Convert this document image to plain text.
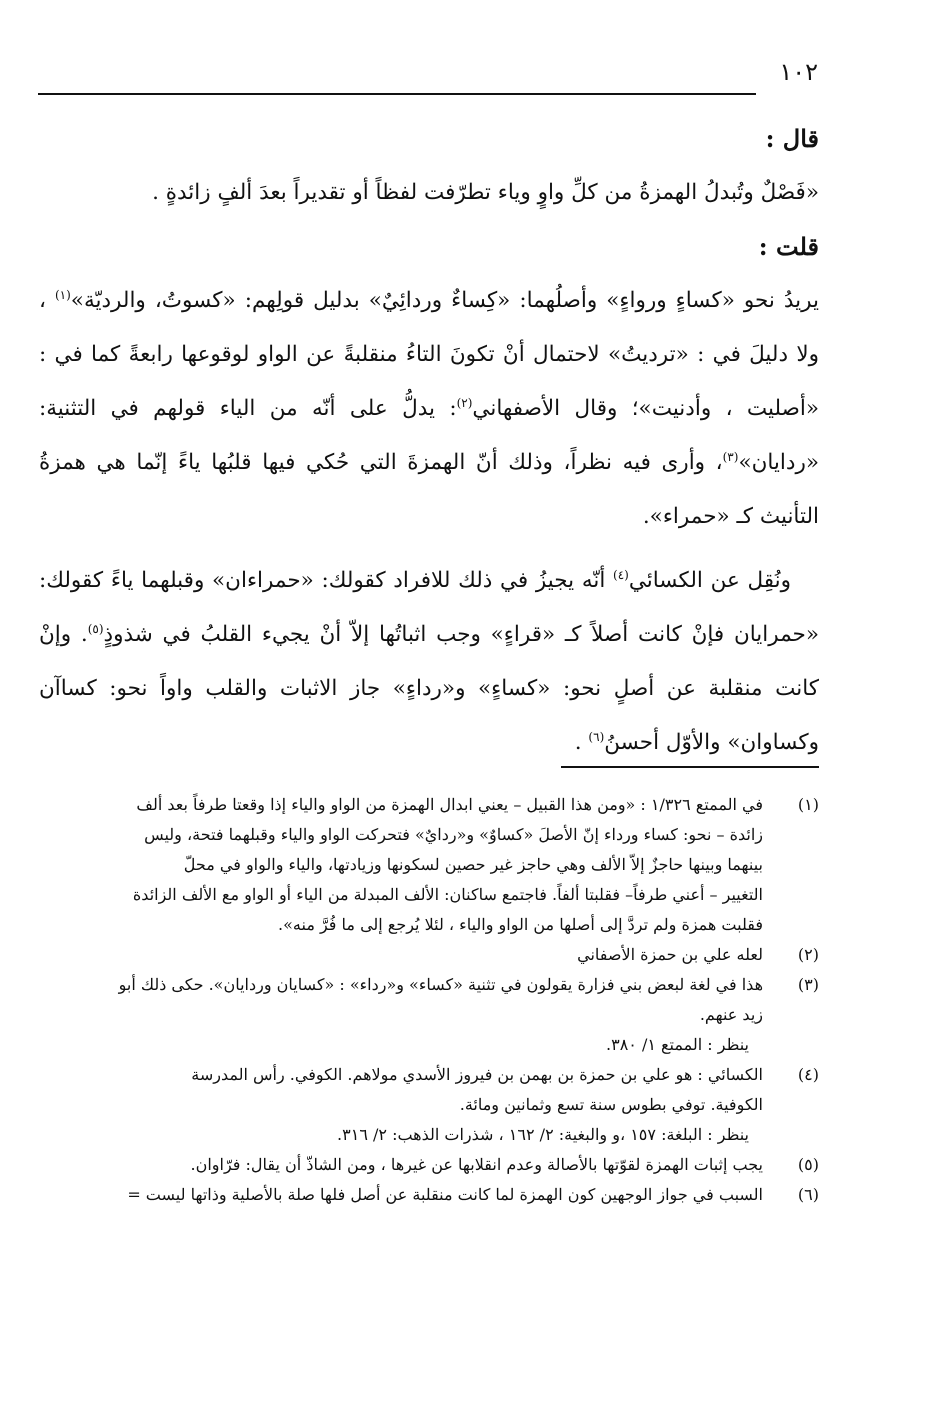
١٠٢

قال :

«فَصْلٌ وتُبدلُ الهمزةُ من كلِّ واوٍ وياء تطرّفت لفظاً أو تقديراً بعدَ ألفٍ زائدةٍ .

قلت :

يريدُ نحو «كساءٍ ورواءٍ» وأصلُهما: «كِساءٌ وردائِيٌ» بدليل قولِهم: «كسوتُ، والرديّة»$^{(١)}$ ، ولا دليلَ في : «ترديتُ» لاحتمال أنْ تكونَ التاءُ منقلبةً عن الواو لوقوعها رابعةً كما في : «أصليت ، وأدنيت»؛ وقال الأصفهاني$^{(٢)}$: يدلُّ على أنّه من الياء قولهم في التثنية: «ردايان»$^{(٣)}$، وأرى فيه نظراً، وذلك أنّ الهمزةَ التي حُكي فيها قلبُها ياءً إنّما هي همزةُ التأنيث كـ «حمراء».

ونُقِل عن الكسائي$^{(٤)}$ أنّه يجيزُ في ذلك للافراد كقولك: «حمراءان» وقبلهما ياءً كقولك: «حمرايان فإنْ كانت أصلاً كـ «قراءٍ» وجب اثباتُها إلاّ أنْ يجيء القلبُ في شذوذٍ$^{(٥)}$. وإنْ كانت منقلبة عن أصلٍ نحو: «كساءٍ» و«رداءٍ» جاز الاثبات والقلب واواً نحو: كساآن وكساوان» والأوّل أحسنُ$^{(٦)}$ .

(١)
في الممتع ١/٣٢٦ : «ومن هذا القبيل – يعني ابدال الهمزة من الواو والياء إذا وقعتا طرفاً بعد ألف
زائدة – نحو: كساء ورداء إنّ الأصلَ «كساوٌ» و«ردايٌ» فتحركت الواو والياء وقبلهما فتحة، وليس
بينهما وبينها حاجزٌ إلاّ الألف وهي حاجز غير حصين لسكونها وزيادتها، والياء والواو في محلّ
التغيير – أعني طرفاً– فقلبتا ألفاً. فاجتمع ساكنان: الألف المبدلة من الياء أو الواو مع الألف الزائدة
فقلبت همزة ولم تردَّ إلى أصلها من الواو والياء ، لئلا يُرجع إلى ما فُرَّ منه».
(٢)
لعله علي بن حمزة الأصفاني
(٣)
هذا في لغة لبعض بني فزارة يقولون في تثنية «كساء» و«رداء» : «كسايان وردايان». حكى ذلك أبو
زيد عنهم.
ينظر : الممتع ١/ ٣٨٠.
(٤)
الكسائي : هو علي بن حمزة بن بهمن بن فيروز الأسدي مولاهم. الكوفي. رأس المدرسة
الكوفية. توفي بطوس سنة تسع وثمانين ومائة.
ينظر : البلغة: ١٥٧ ،و والبغية: ٢/ ١٦٢ ، شذرات الذهب: ٢/ ٣١٦.
(٥)
يجب إثبات الهمزة لقوّتها بالأصالة وعدم انقلابها عن غيرها ، ومن الشاذّ أن يقال: فرّاوان.
(٦)
السبب في جواز الوجهين كون الهمزة لما كانت منقلبة عن أصل فلها صلة بالأصلية وذاتها ليست =
